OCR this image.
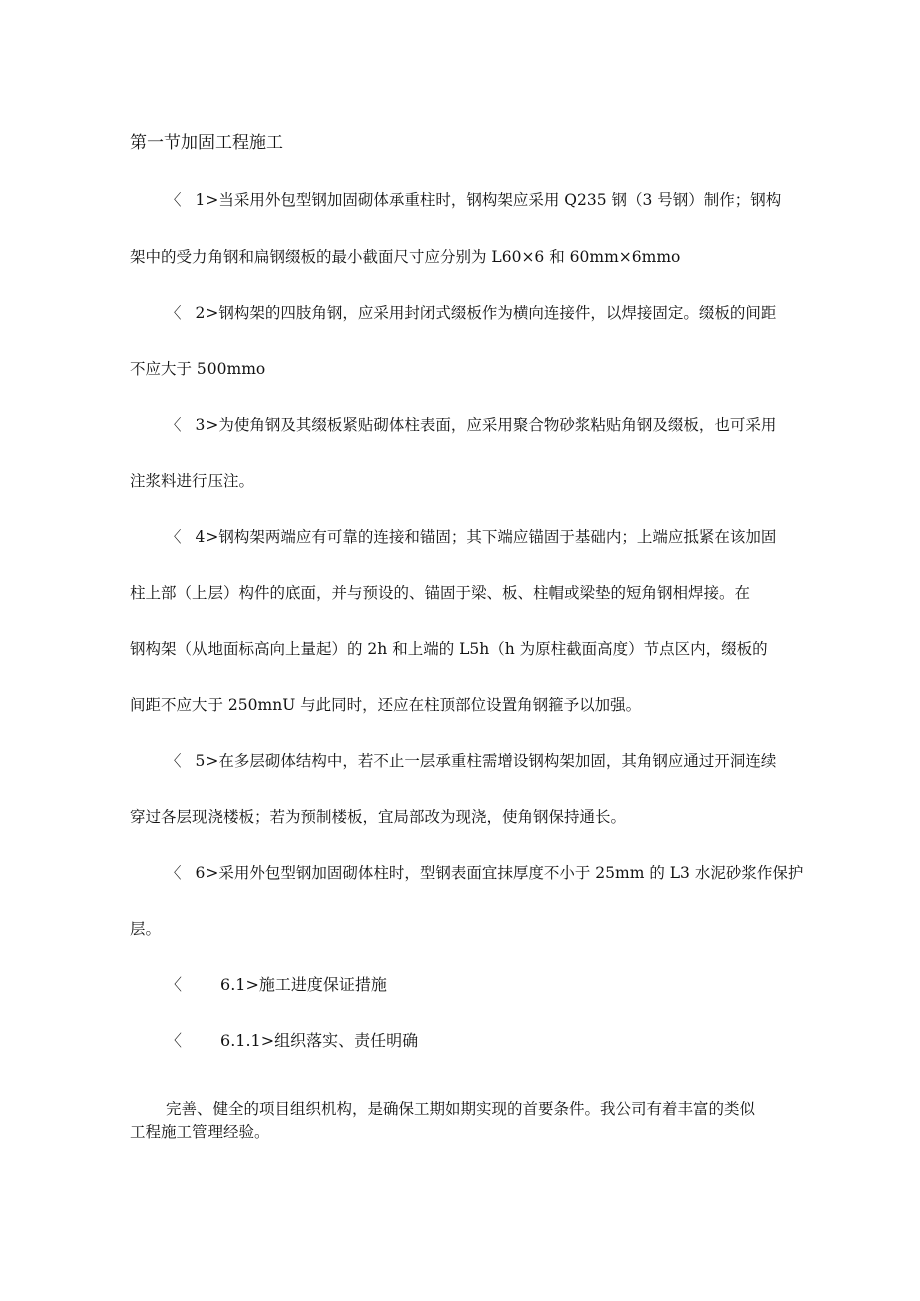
第一节加固工程施工
〈 1>当采用外包型钢加固砌体承重柱时，钢构架应采用 Q235 钢（3 号钢）制作；钢构
架中的受力角钢和扁钢缀板的最小截面尺寸应分别为 L60×6 和 60mm×6mmo
〈 2>钢构架的四肢角钢，应采用封闭式缀板作为横向连接件，以焊接固定。缀板的间距
不应大于 500mmo
〈 3>为使角钢及其缀板紧贴砌体柱表面，应采用聚合物砂浆粘贴角钢及缀板，也可采用
注浆料进行压注。
〈 4>钢构架两端应有可靠的连接和锚固；其下端应锚固于基础内；上端应抵紧在该加固
柱上部（上层）构件的底面，并与预设的、锚固于梁、板、柱帽或梁垫的短角钢相焊接。在
钢构架（从地面标高向上量起）的 2h 和上端的 L5h（h 为原柱截面高度）节点区内，缀板的
间距不应大于 250mnU 与此同时，还应在柱顶部位设置角钢箍予以加强。
〈 5>在多层砌体结构中，若不止一层承重柱需增设钢构架加固，其角钢应通过开洞连续
穿过各层现浇楼板；若为预制楼板，宜局部改为现浇，使角钢保持通长。
〈 6>采用外包型钢加固砌体柱时，型钢表面宜抹厚度不小于 25mm 的 L3 水泥砂浆作保护
层。
〈 6.1>施工进度保证措施
〈 6.1.1>组织落实、责任明确
完善、健全的项目组织机构，是确保工期如期实现的首要条件。我公司有着丰富的类似
工程施工管理经验。
